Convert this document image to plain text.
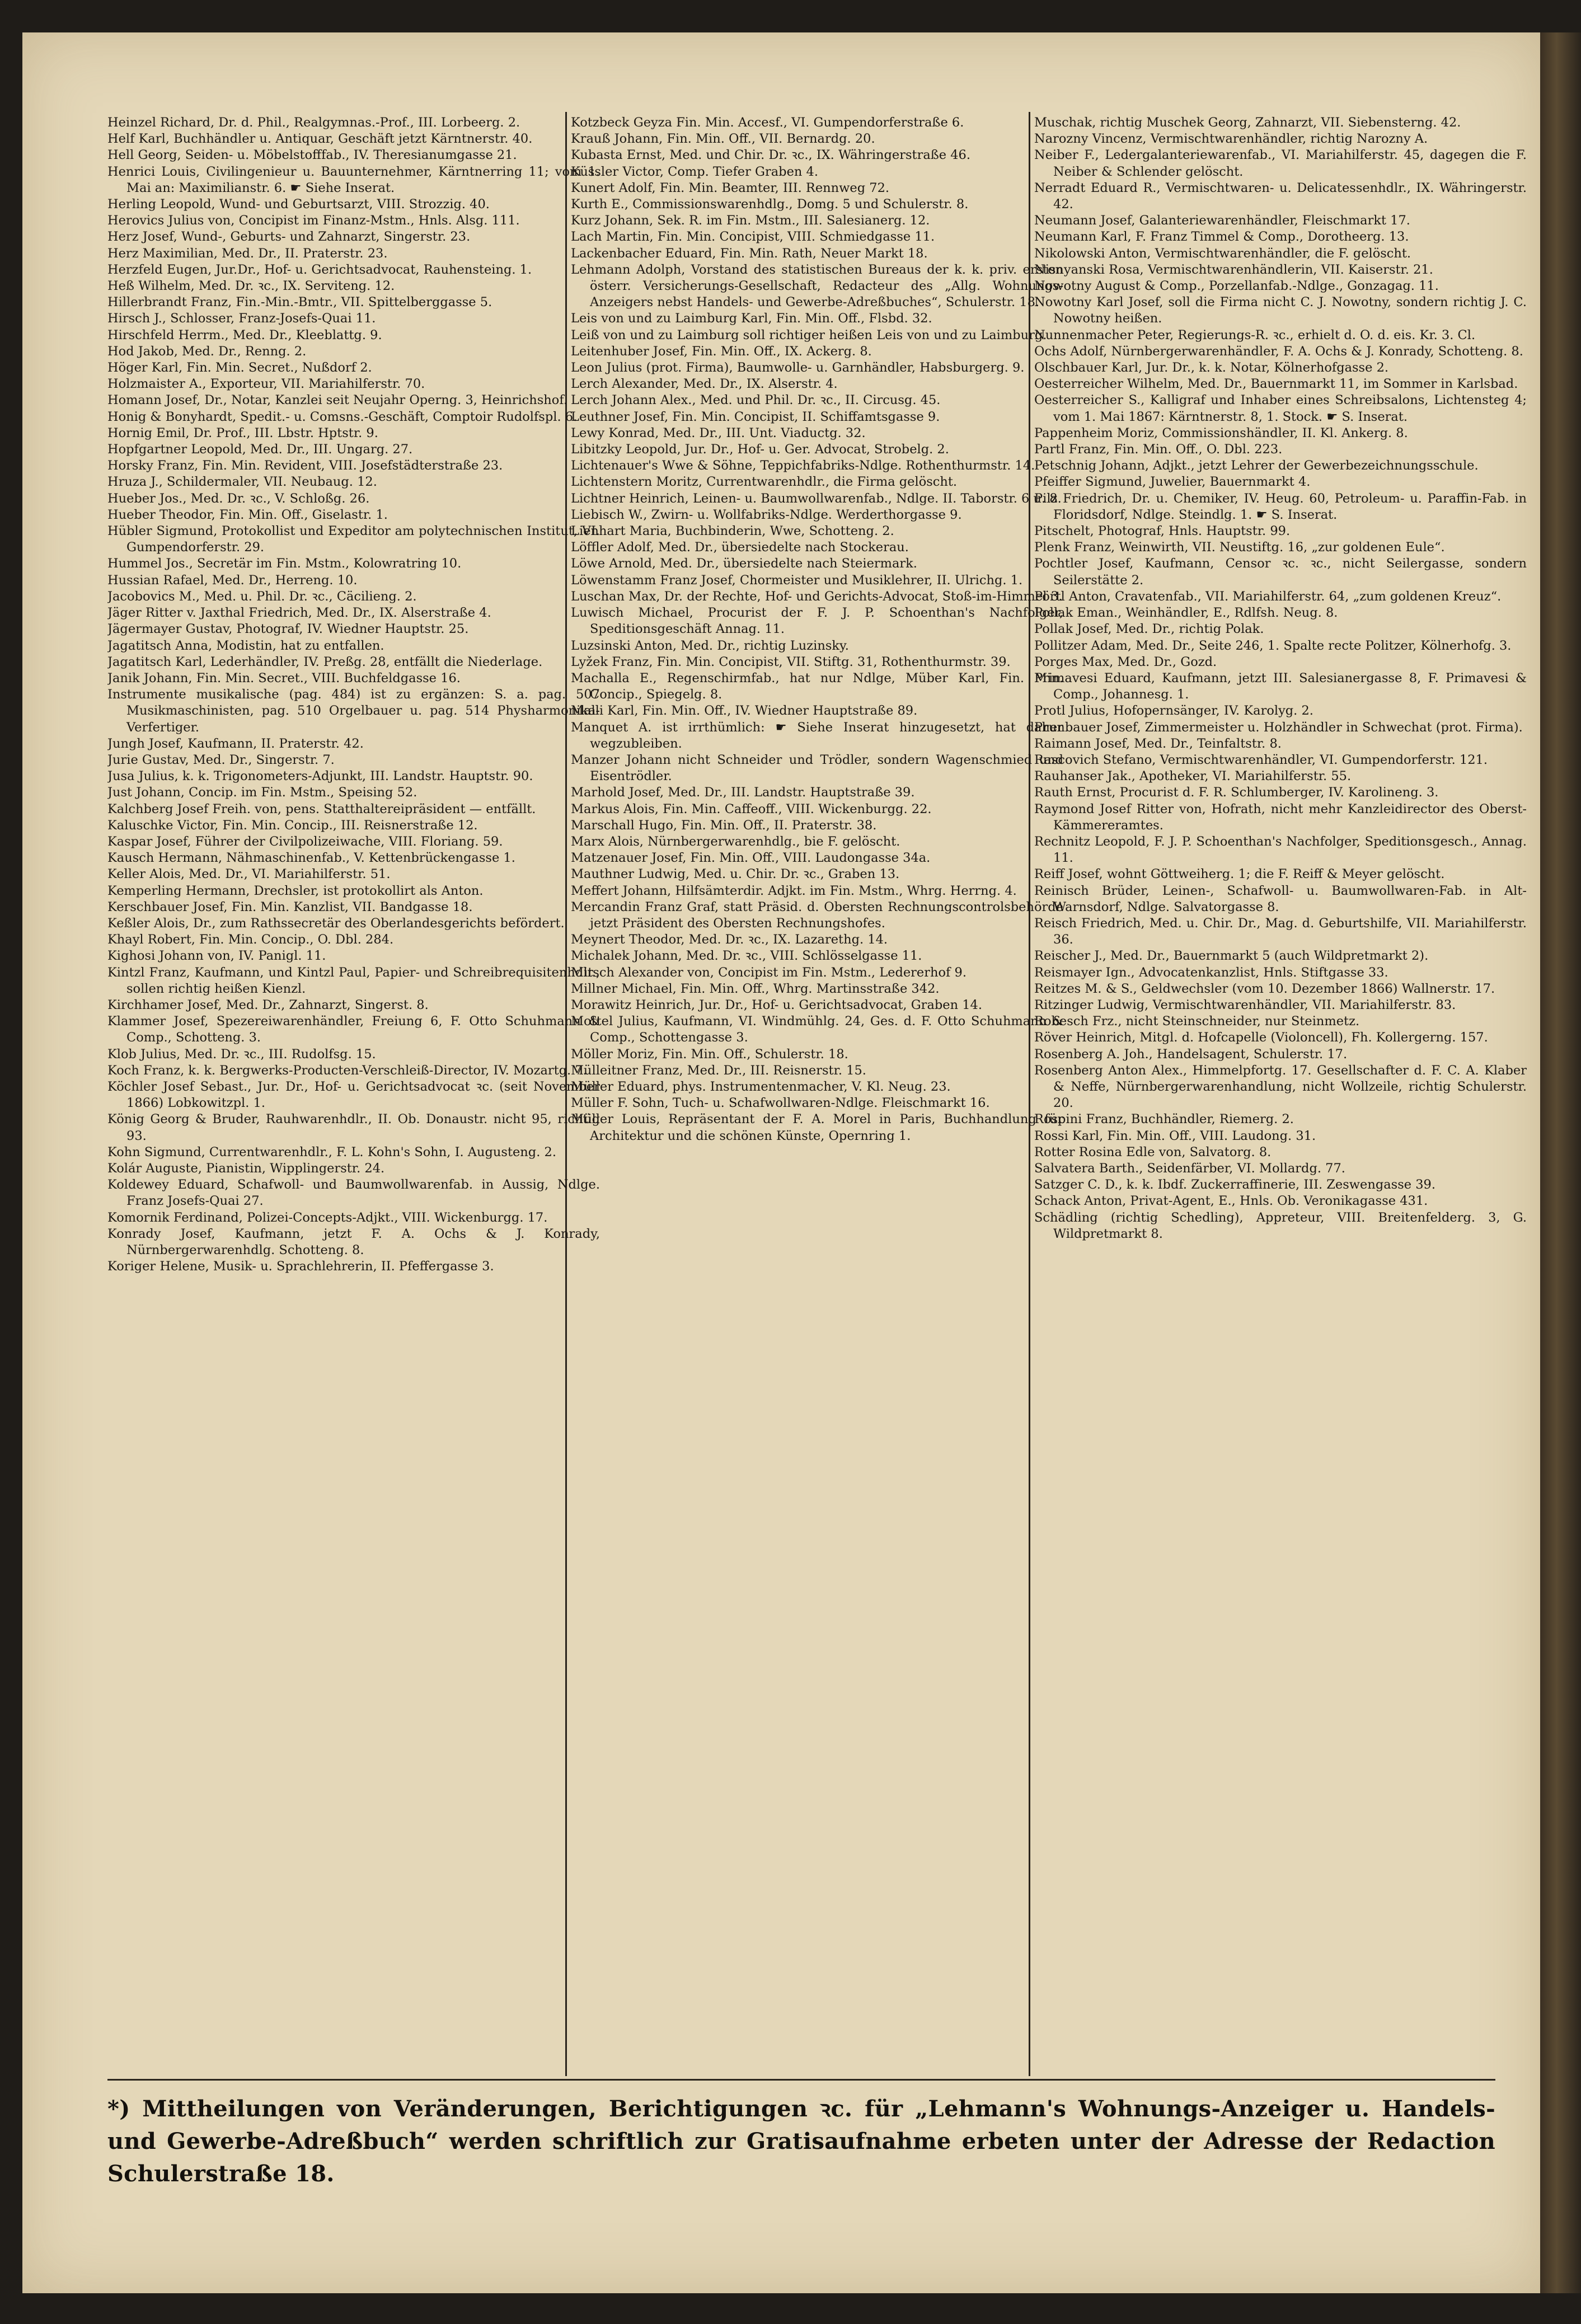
Heinzel Richard, Dr. d. Phil., Realgymnas.-Prof., III. Lorbeerg. 2.

Helf Karl, Buchhändler u. Antiquar, Geschäft jetzt Kärntnerstr. 40.

Hell Georg, Seiden- u. Möbelstofffab., IV. Theresianumgasse 21.

Henrici Louis, Civilingenieur u. Bauunternehmer, Kärntnerring 11; vom 1. Mai an: Maximilianstr. 6. ☛ Siehe Inserat.

Herling Leopold, Wund- und Geburtsarzt, VIII. Strozzig. 40.

Herovics Julius von, Concipist im Finanz-Mstm., Hnls. Alsg. 111.

Herz Josef, Wund-, Geburts- und Zahnarzt, Singerstr. 23.

Herz Maximilian, Med. Dr., II. Praterstr. 23.

Herzfeld Eugen, Jur.Dr., Hof- u. Gerichtsadvocat, Rauhensteing. 1.

Heß Wilhelm, Med. Dr. ꝛc., IX. Serviteng. 12.

Hillerbrandt Franz, Fin.-Min.-Bmtr., VII. Spittelberggasse 5.

Hirsch J., Schlosser, Franz-Josefs-Quai 11.

Hirschfeld Herrm., Med. Dr., Kleeblattg. 9.

Hod Jakob, Med. Dr., Renng. 2.

Höger Karl, Fin. Min. Secret., Nußdorf 2.

Holzmaister A., Exporteur, VII. Mariahilferstr. 70.

Homann Josef, Dr., Notar, Kanzlei seit Neujahr Operng. 3, Heinrichshof.

Honig & Bonyhardt, Spedit.- u. Comsns.-Geschäft, Comptoir Rudolfspl. 6.

Hornig Emil, Dr. Prof., III. Lbstr. Hptstr. 9.

Hopfgartner Leopold, Med. Dr., III. Ungarg. 27.

Horsky Franz, Fin. Min. Revident, VIII. Josefstädterstraße 23.

Hruza J., Schildermaler, VII. Neubaug. 12.

Hueber Jos., Med. Dr. ꝛc., V. Schloßg. 26.

Hueber Theodor, Fin. Min. Off., Giselastr. 1.

Hübler Sigmund, Protokollist und Expeditor am polytechnischen Institut, VI. Gumpendorferstr. 29.

Hummel Jos., Secretär im Fin. Mstm., Kolowratring 10.

Hussian Rafael, Med. Dr., Herreng. 10.

Jacobovics M., Med. u. Phil. Dr. ꝛc., Cäcilieng. 2.

Jäger Ritter v. Jaxthal Friedrich, Med. Dr., IX. Alserstraße 4.

Jägermayer Gustav, Photograf, IV. Wiedner Hauptstr. 25.

Jagatitsch Anna, Modistin, hat zu entfallen.

Jagatitsch Karl, Lederhändler, IV. Preßg. 28, entfällt die Niederlage.

Janik Johann, Fin. Min. Secret., VIII. Buchfeldgasse 16.

Instrumente musikalische (pag. 484) ist zu ergänzen: S. a. pag. 507 Musikmaschinisten, pag. 510 Orgelbauer u. pag. 514 Physharmonika-Verfertiger.

Jungh Josef, Kaufmann, II. Praterstr. 42.

Jurie Gustav, Med. Dr., Singerstr. 7.

Jusa Julius, k. k. Trigonometers-Adjunkt, III. Landstr. Hauptstr. 90.

Just Johann, Concip. im Fin. Mstm., Speising 52.

Kalchberg Josef Freih. von, pens. Statthaltereipräsident — entfällt.

Kaluschke Victor, Fin. Min. Concip., III. Reisnerstraße 12.

Kaspar Josef, Führer der Civilpolizeiwache, VIII. Floriang. 59.

Kausch Hermann, Nähmaschinenfab., V. Kettenbrückengasse 1.

Keller Alois, Med. Dr., VI. Mariahilferstr. 51.

Kemperling Hermann, Drechsler, ist protokollirt als Anton.

Kerschbauer Josef, Fin. Min. Kanzlist, VII. Bandgasse 18.

Keßler Alois, Dr., zum Rathssecretär des Oberlandesgerichts befördert.

Khayl Robert, Fin. Min. Concip., O. Dbl. 284.

Kighosi Johann von, IV. Panigl. 11.

Kintzl Franz, Kaufmann, und Kintzl Paul, Papier- und Schreibrequisitenhdlr., sollen richtig heißen Kienzl.

Kirchhamer Josef, Med. Dr., Zahnarzt, Singerst. 8.

Klammer Josef, Spezereiwarenhändler, Freiung 6, F. Otto Schuhmann & Comp., Schotteng. 3.

Klob Julius, Med. Dr. ꝛc., III. Rudolfsg. 15.

Koch Franz, k. k. Bergwerks-Producten-Verschleiß-Director, IV. Mozartg. 7.

Köchler Josef Sebast., Jur. Dr., Hof- u. Gerichtsadvocat ꝛc. (seit November 1866) Lobkowitzpl. 1.

König Georg & Bruder, Rauhwarenhdlr., II. Ob. Donaustr. nicht 95, richtig 93.

Kohn Sigmund, Currentwarenhdlr., F. L. Kohn's Sohn, I. Augusteng. 2.

Kolár Auguste, Pianistin, Wipplingerstr. 24.

Koldewey Eduard, Schafwoll- und Baumwollwarenfab. in Aussig, Ndlge. Franz Josefs-Quai 27.

Komornik Ferdinand, Polizei-Concepts-Adjkt., VIII. Wickenburgg. 17.

Konrady Josef, Kaufmann, jetzt F. A. Ochs & J. Konrady, Nürnbergerwarenhdlg. Schotteng. 8.

Koriger Helene, Musik- u. Sprachlehrerin, II. Pfeffergasse 3.

Kotzbeck Geyza Fin. Min. Accesf., VI. Gumpendorferstraße 6.

Krauß Johann, Fin. Min. Off., VII. Bernardg. 20.

Kubasta Ernst, Med. und Chir. Dr. ꝛc., IX. Währingerstraße 46.

Küssler Victor, Comp. Tiefer Graben 4.

Kunert Adolf, Fin. Min. Beamter, III. Rennweg 72.

Kurth E., Commissionswarenhdlg., Domg. 5 und Schulerstr. 8.

Kurz Johann, Sek. R. im Fin. Mstm., III. Salesianerg. 12.

Lach Martin, Fin. Min. Concipist, VIII. Schmiedgasse 11.

Lackenbacher Eduard, Fin. Min. Rath, Neuer Markt 18.

Lehmann Adolph, Vorstand des statistischen Bureaus der k. k. priv. ersten österr. Versicherungs-Gesellschaft, Redacteur des „Allg. Wohnungs-Anzeigers nebst Handels- und Gewerbe-Adreßbuches“, Schulerstr. 18.

Leis von und zu Laimburg Karl, Fin. Min. Off., Flsbd. 32.

Leiß von und zu Laimburg soll richtiger heißen Leis von und zu Laimburg.

Leitenhuber Josef, Fin. Min. Off., IX. Ackerg. 8.

Leon Julius (prot. Firma), Baumwolle- u. Garnhändler, Habsburgerg. 9.

Lerch Alexander, Med. Dr., IX. Alserstr. 4.

Lerch Johann Alex., Med. und Phil. Dr. ꝛc., II. Circusg. 45.

Leuthner Josef, Fin. Min. Concipist, II. Schiffamtsgasse 9.

Lewy Konrad, Med. Dr., III. Unt. Viaductg. 32.

Libitzky Leopold, Jur. Dr., Hof- u. Ger. Advocat, Strobelg. 2.

Lichtenauer's Wwe & Söhne, Teppichfabriks-Ndlge. Rothenthurmstr. 14.

Lichtenstern Moritz, Currentwarenhdlr., die Firma gelöscht.

Lichtner Heinrich, Leinen- u. Baumwollwarenfab., Ndlge. II. Taborstr. 6 u. 8.

Liebisch W., Zwirn- u. Wollfabriks-Ndlge. Werderthorgasse 9.

Lienhart Maria, Buchbinderin, Wwe, Schotteng. 2.

Löffler Adolf, Med. Dr., übersiedelte nach Stockerau.

Löwe Arnold, Med. Dr., übersiedelte nach Steiermark.

Löwenstamm Franz Josef, Chormeister und Musiklehrer, II. Ulrichg. 1.

Luschan Max, Dr. der Rechte, Hof- und Gerichts-Advocat, Stoß-im-Himmel 3.

Luwisch Michael, Procurist der F. J. P. Schoenthan's Nachfolger, Speditionsgeschäft Annag. 11.

Luzsinski Anton, Med. Dr., richtig Luzinsky.

Lyžek Franz, Fin. Min. Concipist, VII. Stiftg. 31, Rothenthurmstr. 39.

Machalla E., Regenschirmfab., hat nur Ndlge, Müber Karl, Fin. Min. Concip., Spiegelg. 8.

Malli Karl, Fin. Min. Off., IV. Wiedner Hauptstraße 89.

Manquet A. ist irrthümlich: ☛ Siehe Inserat hinzugesetzt, hat daher wegzubleiben.

Manzer Johann nicht Schneider und Trödler, sondern Wagenschmied und Eisentrödler.

Marhold Josef, Med. Dr., III. Landstr. Hauptstraße 39.

Markus Alois, Fin. Min. Caffeoff., VIII. Wickenburgg. 22.

Marschall Hugo, Fin. Min. Off., II. Praterstr. 38.

Marx Alois, Nürnbergerwarenhdlg., bie F. gelöscht.

Matzenauer Josef, Fin. Min. Off., VIII. Laudongasse 34a.

Mauthner Ludwig, Med. u. Chir. Dr. ꝛc., Graben 13.

Meffert Johann, Hilfsämterdir. Adjkt. im Fin. Mstm., Whrg. Herrng. 4.

Mercandin Franz Graf, statt Präsid. d. Obersten Rechnungscontrolsbehörde jetzt Präsident des Obersten Rechnungshofes.

Meynert Theodor, Med. Dr. ꝛc., IX. Lazarethg. 14.

Michalek Johann, Med. Dr. ꝛc., VIII. Schlösselgasse 11.

Mitsch Alexander von, Concipist im Fin. Mstm., Ledererhof 9.

Millner Michael, Fin. Min. Off., Whrg. Martinsstraße 342.

Morawitz Heinrich, Jur. Dr., Hof- u. Gerichtsadvocat, Graben 14.

Mottel Julius, Kaufmann, VI. Windmühlg. 24, Ges. d. F. Otto Schuhmann & Comp., Schottengasse 3.

Möller Moriz, Fin. Min. Off., Schulerstr. 18.

Mülleitner Franz, Med. Dr., III. Reisnerstr. 15.

Müller Eduard, phys. Instrumentenmacher, V. Kl. Neug. 23.

Müller F. Sohn, Tuch- u. Schafwollwaren-Ndlge. Fleischmarkt 16.

Müller Louis, Repräsentant der F. A. Morel in Paris, Buchhandlung für Architektur und die schönen Künste, Opernring 1.

Muschak, richtig Muschek Georg, Zahnarzt, VII. Siebensterng. 42.

Narozny Vincenz, Vermischtwarenhändler, richtig Narozny A.

Neiber F., Ledergalanteriewarenfab., VI. Mariahilferstr. 45, dagegen die F. Neiber & Schlender gelöscht.

Nerradt Eduard R., Vermischtwaren- u. Delicatessenhdlr., IX. Währingerstr. 42.

Neumann Josef, Galanteriewarenhändler, Fleischmarkt 17.

Neumann Karl, F. Franz Timmel & Comp., Dorotheerg. 13.

Nikolowski Anton, Vermischtwarenhändler, die F. gelöscht.

Nisnyanski Rosa, Vermischtwarenhändlerin, VII. Kaiserstr. 21.

Nowotny August & Comp., Porzellanfab.-Ndlge., Gonzagag. 11.

Nowotny Karl Josef, soll die Firma nicht C. J. Nowotny, sondern richtig J. C. Nowotny heißen.

Nunnenmacher Peter, Regierungs-R. ꝛc., erhielt d. O. d. eis. Kr. 3. Cl.

Ochs Adolf, Nürnbergerwarenhändler, F. A. Ochs & J. Konrady, Schotteng. 8.

Olschbauer Karl, Jur. Dr., k. k. Notar, Kölnerhofgasse 2.

Oesterreicher Wilhelm, Med. Dr., Bauernmarkt 11, im Sommer in Karlsbad.

Oesterreicher S., Kalligraf und Inhaber eines Schreibsalons, Lichtensteg 4; vom 1. Mai 1867: Kärntnerstr. 8, 1. Stock. ☛ S. Inserat.

Pappenheim Moriz, Commissionshändler, II. Kl. Ankerg. 8.

Partl Franz, Fin. Min. Off., O. Dbl. 223.

Petschnig Johann, Adjkt., jetzt Lehrer der Gewerbezeichnungsschule.

Pfeiffer Sigmund, Juwelier, Bauernmarkt 4.

Pilz Friedrich, Dr. u. Chemiker, IV. Heug. 60, Petroleum- u. Paraffin-Fab. in Floridsdorf, Ndlge. Steindlg. 1. ☛ S. Inserat.

Pitschelt, Photograf, Hnls. Hauptstr. 99.

Plenk Franz, Weinwirth, VII. Neustiftg. 16, „zur goldenen Eule“.

Pochtler Josef, Kaufmann, Censor ꝛc. ꝛc., nicht Seilergasse, sondern Seilerstätte 2.

Pörtl Anton, Cravatenfab., VII. Mariahilferstr. 64, „zum goldenen Kreuz“.

Pollak Eman., Weinhändler, E., Rdlfsh. Neug. 8.

Pollak Josef, Med. Dr., richtig Polak.

Pollitzer Adam, Med. Dr., Seite 246, 1. Spalte recte Politzer, Kölnerhofg. 3.

Porges Max, Med. Dr., Gozd.

Primavesi Eduard, Kaufmann, jetzt III. Salesianergasse 8, F. Primavesi & Comp., Johannesg. 1.

Protl Julius, Hofopernsänger, IV. Karolyg. 2.

Prunbauer Josef, Zimmermeister u. Holzhändler in Schwechat (prot. Firma).

Raimann Josef, Med. Dr., Teinfaltstr. 8.

Rascovich Stefano, Vermischtwarenhändler, VI. Gumpendorferstr. 121.

Rauhanser Jak., Apotheker, VI. Mariahilferstr. 55.

Rauth Ernst, Procurist d. F. R. Schlumberger, IV. Karolineng. 3.

Raymond Josef Ritter von, Hofrath, nicht mehr Kanzleidirector des Oberst-Kämmereramtes.

Rechnitz Leopold, F. J. P. Schoenthan's Nachfolger, Speditionsgesch., Annag. 11.

Reiff Josef, wohnt Göttweiherg. 1; die F. Reiff & Meyer gelöscht.

Reinisch Brüder, Leinen-, Schafwoll- u. Baumwollwaren-Fab. in Alt-Warnsdorf, Ndlge. Salvatorgasse 8.

Reisch Friedrich, Med. u. Chir. Dr., Mag. d. Geburtshilfe, VII. Mariahilferstr. 36.

Reischer J., Med. Dr., Bauernmarkt 5 (auch Wildpretmarkt 2).

Reismayer Ign., Advocatenkanzlist, Hnls. Stiftgasse 33.

Reitzes M. & S., Geldwechsler (vom 10. Dezember 1866) Wallnerstr. 17.

Ritzinger Ludwig, Vermischtwarenhändler, VII. Mariahilferstr. 83.

Robesch Frz., nicht Steinschneider, nur Steinmetz.

Röver Heinrich, Mitgl. d. Hofcapelle (Violoncell), Fh. Kollergerng. 157.

Rosenberg A. Joh., Handelsagent, Schulerstr. 17.

Rosenberg Anton Alex., Himmelpfortg. 17. Gesellschafter d. F. C. A. Klaber & Neffe, Nürnbergerwarenhandlung, nicht Wollzeile, richtig Schulerstr. 20.

Rospini Franz, Buchhändler, Riemerg. 2.

Rossi Karl, Fin. Min. Off., VIII. Laudong. 31.

Rotter Rosina Edle von, Salvatorg. 8.

Salvatera Barth., Seidenfärber, VI. Mollardg. 77.

Satzger C. D., k. k. Ibdf. Zuckerraffinerie, III. Zeswengasse 39.

Schack Anton, Privat-Agent, E., Hnls. Ob. Veronikagasse 431.

Schädling (richtig Schedling), Appreteur, VIII. Breitenfelderg. 3, G. Wildpretmarkt 8.

*) Mittheilungen von Veränderungen, Berichtigungen ꝛc. für „Lehmann's Wohnungs-Anzeiger u. Handels- und Gewerbe-Adreßbuch“ werden schriftlich zur Gratisaufnahme erbeten unter der Adresse der Redaction Schulerstraße 18.
